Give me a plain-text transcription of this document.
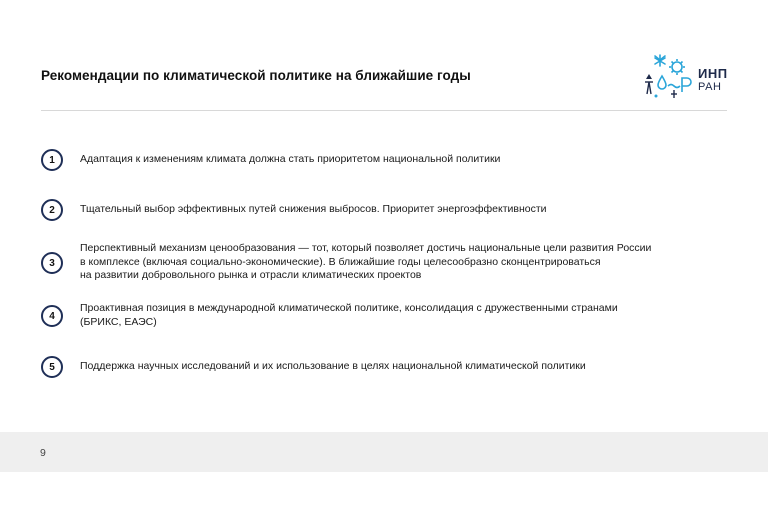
Рекомендации по климатической политике на ближайшие годы	ИНП
РАН
1	Адаптация к изменениям климата должна стать приоритетом национальной политики
2	Тщательный выбор эффективных путей снижения выбросов. Приоритет энергоэффективности
3
Перспективный механизм ценообразования — тот, который позволяет достичь национальные цели развития России
в комплексе (включая социально-экономические). В ближайшие годы целесообразно сконцентрироваться
на развитии добровольного рынка и отрасли климатических проектов
4
Проактивная позиция в международной климатической политике, консолидация с дружественными странами
(БРИКС, ЕАЭС)
5	Поддержка научных исследований и их использование в целях национальной климатической политики
9
